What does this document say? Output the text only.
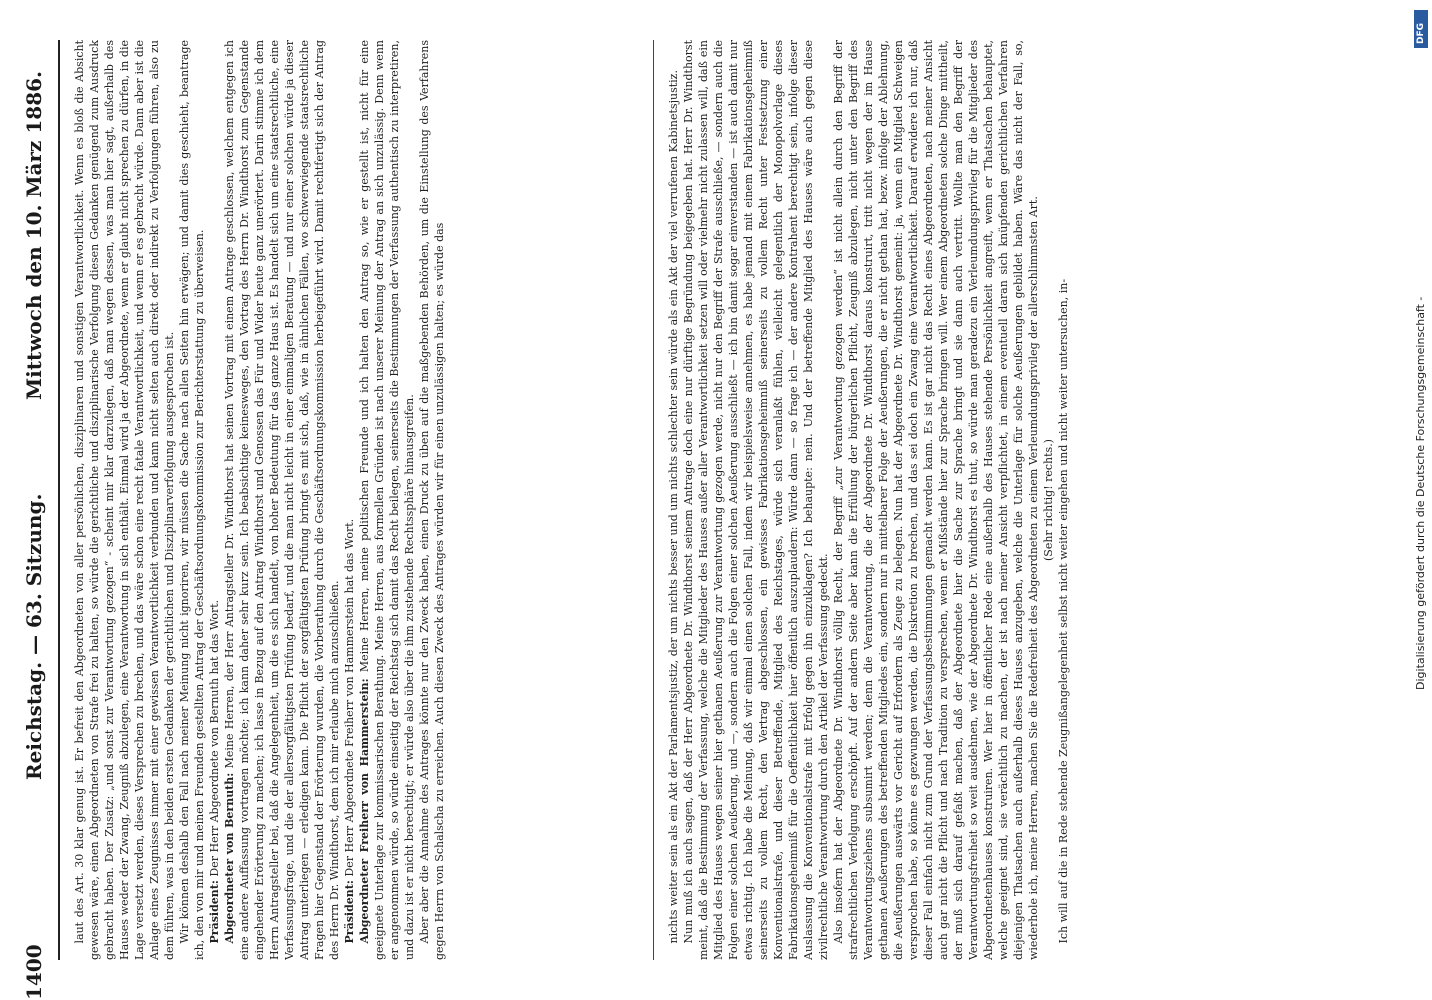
1400
Reichstag. — 63. Sitzung.
Mittwoch den 10. März 1886. laut des Art. 30 klar genug ist. Er befreit den Abgeordneten von aller persönlichen, disziplinaren und sonstigen Verantwortlichkeit. Wenn es bloß die Absicht gewesen wäre, einen Abgeordneten von Strafe frei zu halten, so würde die gerichtliche und disziplinarische Verfolgung diesen Gedanken genügend zum Ausdruck gebracht haben. Der Zusatz: „und sonst zur Verantwortung gezogen“ - scheint mir klar darzulegen, daß man wegen dessen, was man hier sagt, außerhalb des Hauses weder der Zwang, Zeugniß abzulegen, eine Verantwortung in sich enthält. Einmal wird ja der Abgeordnete, wenn er glaubt nicht sprechen zu dürfen, in die Lage versetzt werden, dieses Versprechen zu brechen, und das wäre schon eine recht fatale Verantwortlichkeit, und wenn er es gebracht würde. Dann aber ist die Anlage eines Zeugnisses immer mit einer gewissen Verantwortlichkeit verbunden und kann nicht selten auch direkt oder indirekt zu Verfolgungen führen, also zu dem führen, was in den beiden ersten Gedanken der gerichtlichen und Disziplinarverfolgung ausgesprochen ist. Wir können deshalb den Fall nach meiner Meinung nicht ignoriren, wir müssen die Sache nach allen Seiten hin erwägen; und damit dies geschieht, beantrage ich, den von mir und meinen Freunden gestellten Antrag der Geschäftsordnungskommission zur Berichterstattung zu überweisen. Präsident: Der Herr Abgeordnete von Bernuth hat das Wort. Abgeordneter von Bernuth: Meine Herren, der Herr Antragsteller Dr. Windthorst hat seinen Vortrag mit einem Antrage geschlossen, welchem entgegen ich eine andere Auffassung vortragen möchte; ich kann daher sehr kurz sein. Ich beabsichtige keinesweges, den Vortrag des Herrn Dr. Windthorst zum Gegenstande eingehender Erörterung zu machen; ich lasse in Bezug auf den Antrag Windthorst und Genossen das Für und Wider heute ganz unerörtert. Darin stimme ich dem Herrn Antragsteller bei, daß die Angelegenheit, um die es sich handelt, von hoher Bedeutung für das ganze Haus ist. Es handelt sich um eine staatsrechtliche, eine Verfassungsfrage, und die der allersorgfältigsten Prüfung bedarf, und die man nicht leicht in einer einmaligen Beratung — und nur einer solchen würde ja dieser Antrag unterliegen — erledigen kann. Die Pflicht der sorgfältigsten Prüfung bringt es mit sich, daß, wie in ähnlichen Fällen, wo schwerwiegende staatsrechtliche Fragen hier Gegenstand der Erörterung wurden, die Vorberathung durch die Geschäftsordnungskommission herbeigeführt wird. Damit rechtfertigt sich der Antrag des Herrn Dr. Windthorst, dem ich mir erlaube mich anzuschließen. Präsident: Der Herr Abgeordnete Freiherr von Hammerstein hat das Wort. Abgeordneter Freiherr von Hammerstein: Meine Herren, meine politischen Freunde und ich halten den Antrag so, wie er gestellt ist, nicht für eine geeignete Unterlage zur kommissarischen Berathung. Meine Herren, aus formellen Gründen ist nach unserer Meinung der Antrag an sich unzulässig. Denn wenn er angenommen würde, so würde einseitig der Reichstag sich damit das Recht beilegen, seinerseits die Bestimmungen der Verfassung authentisch zu interpretiren, und dazu ist er nicht berechtigt; er würde also über die ihm zustehende Rechtssphäre hinausgreifen. Aber aber die Annahme des Antrages könnte nur den Zweck haben, einen Druck zu üben auf die maßgebenden Behörden, um die Einstellung des Verfahrens gegen Herrn von Schalscha zu erreichen. Auch diesen Zweck des Antrages würden wir für einen unzulässigen halten; es würde das	nichts weiter sein als ein Akt der Parlamentsjustiz, der um nichts besser und um nichts schlechter sein würde als ein Akt der viel verrufenen Kabinetsjustiz. Nun muß ich auch sagen, daß der Herr Abgeordnete Dr. Windthorst seinem Antrage doch eine nur dürftige Begründung beigegeben hat. Herr Dr. Windthorst meint, daß die Bestimmung der Verfassung, welche die Mitglieder des Hauses außer aller Verantwortlichkeit setzen will oder vielmehr nicht zulassen will, daß ein Mitglied des Hauses wegen seiner hier gethanen Aeußerung zur Verantwortung gezogen werde, nicht nur den Begriff der Strafe ausschließe, — sondern auch die Folgen einer solchen Aeußerung, und —, sondern auch die Folgen einer solchen Aeußerung ausschließt — ich bin damit sogar einverstanden — ist auch damit nur etwas richtig. Ich habe die Meinung, daß wir einmal einen solchen Fall, indem wir beispielsweise annehmen, es habe jemand mit einem Fabrikationsgeheimniß seinerseits zu vollem Recht, den Vertrag abgeschlossen, ein gewisses Fabrikationsgeheimniß seinerseits zu vollem Recht unter Festsetzung einer Konventionalstrafe, und dieser Betreffende, Mitglied des Reichstages, würde sich veranlaßt fühlen, vielleicht gelegentlich der Monopolvorlage dieses Fabrikationsgeheimniß für die Oeffentlichkeit hier öffentlich auszuplaudern: Würde dann — so frage ich — der andere Kontrahent berechtigt sein, infolge dieser Auslassung die Konventionalstrafe mit Erfolg gegen ihn einzuklagen? Ich behaupte: nein. Und der betreffende Mitglied des Hauses wäre auch gegen diese zivilrechtliche Verantwortung durch den Artikel der Verfassung gedeckt. Also insofern hat der Abgeordnete Dr. Windthorst völlig Recht, der Begriff „zur Verantwortung gezogen werden“ ist nicht allein durch den Begriff der strafrechtlichen Verfolgung erschöpft. Auf der andern Seite aber kann die Erfüllung der bürgerlichen Pflicht, Zeugniß abzulegen, nicht unter den Begriff des Verantwortungsziehens subsumirt werden; denn die Verantwortung, die der Abgeordnete Dr. Windthorst daraus konstruirt, tritt nicht wegen der im Hause gethanen Aeußerungen des betreffenden Mitgliedes ein, sondern nur in mittelbarer Folge der Aeußerungen, die er nicht gethan hat, bezw. infolge der Ablehnung, die Aeußerungen auswärts vor Gericht auf Erfordern als Zeuge zu belegen. Nun hat der Abgeordnete Dr. Windthorst gemeint: ja, wenn ein Mitglied Schweigen versprochen habe, so könne es gezwungen werden, die Diskretion zu brechen, und das sei doch ein Zwang eine Verantwortlichkeit. Darauf erwidere ich nur, daß dieser Fall einfach nicht zum Grund der Verfassungsbestimmungen gemacht werden kann. Es ist gar nicht das Recht eines Abgeordneten, nach meiner Ansicht auch gar nicht die Pflicht und nach Tradition zu versprechen, wenn er Mißstände hier zur Sprache bringen will. Wer einem Abgeordneten solche Dinge mittheilt, der muß sich darauf gefaßt machen, daß der Abgeordnete hier die Sache zur Sprache bringt und sie dann auch vertritt. Wollte man den Begriff der Verantwortungsfreiheit so weit ausdehnen, wie der Abgeordnete Dr. Windthorst es thut, so würde man geradezu ein Verleumdungsprivileg für die Mitglieder des Abgeordnetenhauses konstruiren. Wer hier in öffentlicher Rede eine außerhalb des Hauses stehende Persönlichkeit angreift, wenn er Thatsachen behauptet, welche geeignet sind, sie verächtlich zu machen, der ist nach meiner Ansicht verpflichtet, in einem eventuell daran sich knüpfenden gerichtlichen Verfahren diejenigen Thatsachen auch außerhalb dieses Hauses anzugeben, welche die Unterlage für solche Aeußerungen gebildet haben. Wäre das nicht der Fall, so, wiederhole ich, meine Herren, machen Sie die Redefreiheit des Abgeordneten zu einem Verleumdungsprivileg der allerschlimmsten Art. (Sehr richtig! rechts.) Ich will auf die in Rede stehende Zeugnißangelegenheit selbst nicht weiter eingehen und nicht weiter untersuchen, in-

DFG
Digitalisierung gefördert durch die Deutsche Forschungsgemeinschaft -
